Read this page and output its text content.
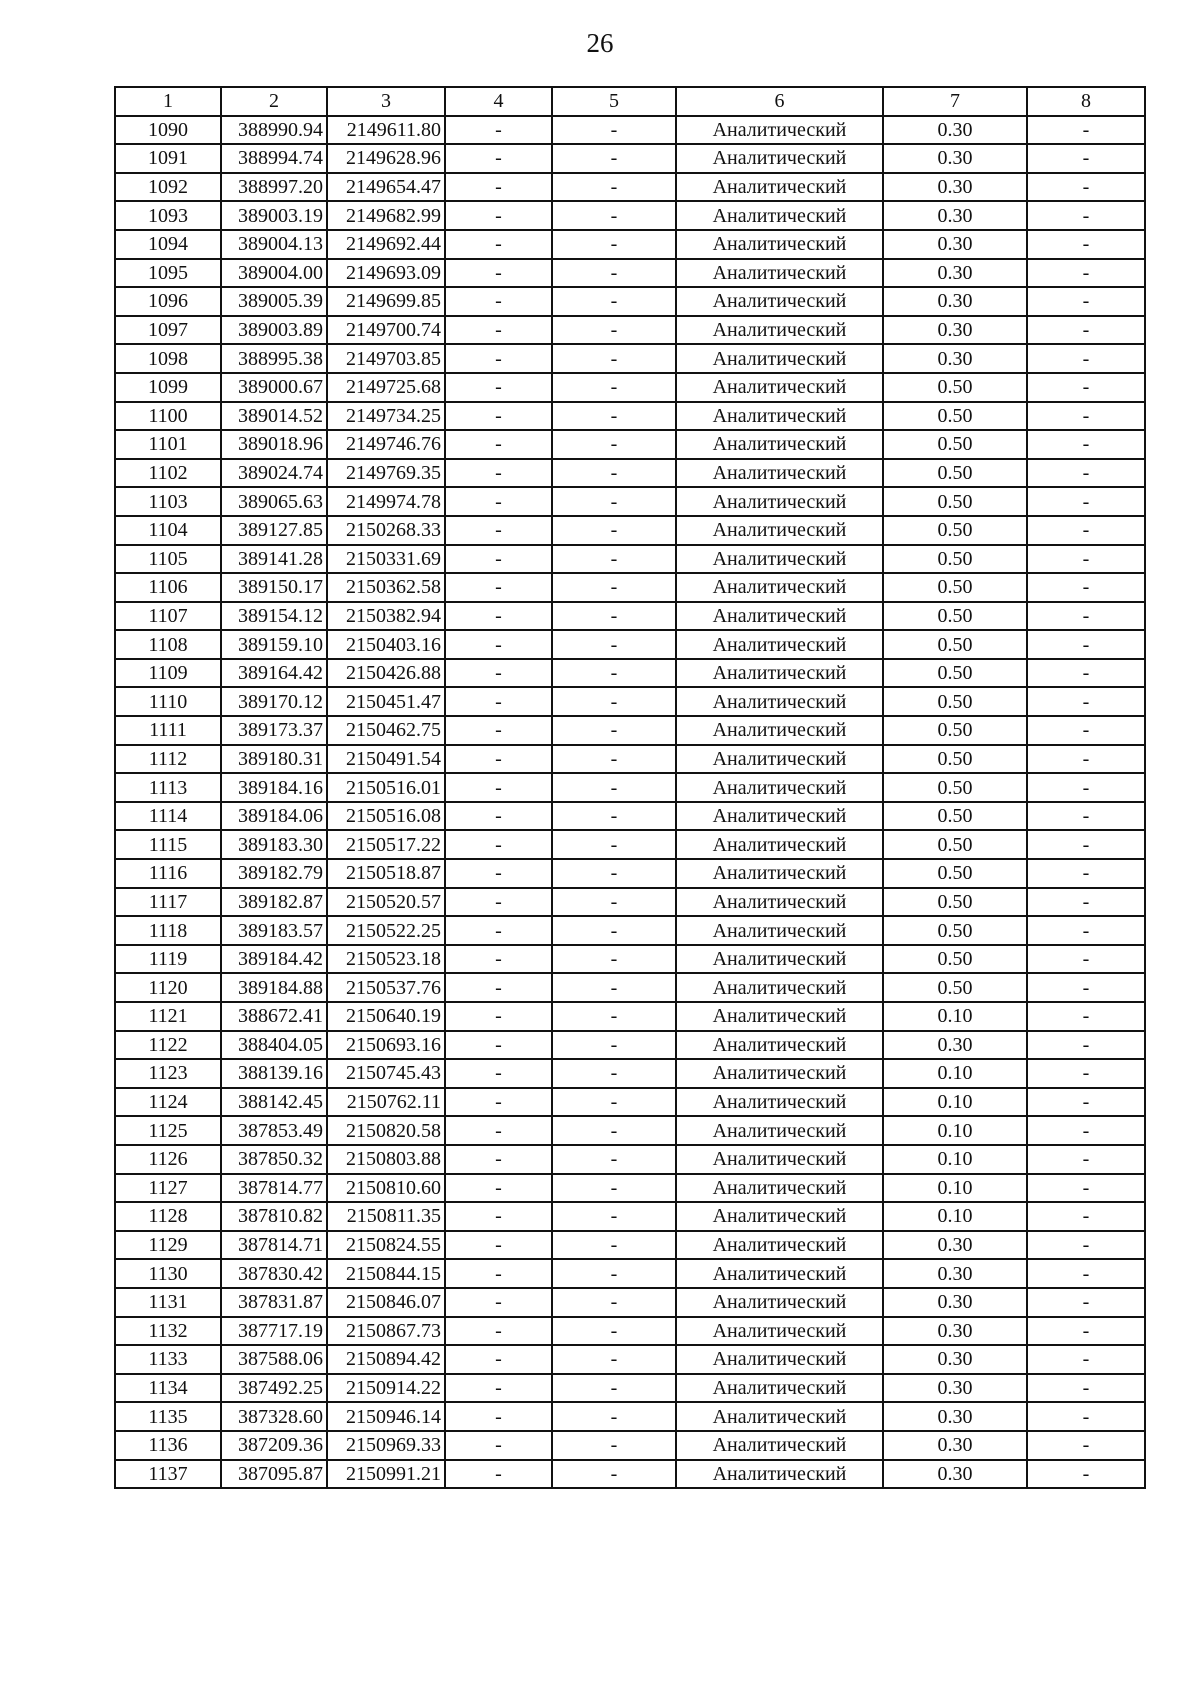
26
1	2	3	4	5	6	7	8
1090	388990.94	2149611.80	-	-	Аналитический	0.30	-
1091	388994.74	2149628.96	-	-	Аналитический	0.30	-
1092	388997.20	2149654.47	-	-	Аналитический	0.30	-
1093	389003.19	2149682.99	-	-	Аналитический	0.30	-
1094	389004.13	2149692.44	-	-	Аналитический	0.30	-
1095	389004.00	2149693.09	-	-	Аналитический	0.30	-
1096	389005.39	2149699.85	-	-	Аналитический	0.30	-
1097	389003.89	2149700.74	-	-	Аналитический	0.30	-
1098	388995.38	2149703.85	-	-	Аналитический	0.30	-
1099	389000.67	2149725.68	-	-	Аналитический	0.50	-
1100	389014.52	2149734.25	-	-	Аналитический	0.50	-
1101	389018.96	2149746.76	-	-	Аналитический	0.50	-
1102	389024.74	2149769.35	-	-	Аналитический	0.50	-
1103	389065.63	2149974.78	-	-	Аналитический	0.50	-
1104	389127.85	2150268.33	-	-	Аналитический	0.50	-
1105	389141.28	2150331.69	-	-	Аналитический	0.50	-
1106	389150.17	2150362.58	-	-	Аналитический	0.50	-
1107	389154.12	2150382.94	-	-	Аналитический	0.50	-
1108	389159.10	2150403.16	-	-	Аналитический	0.50	-
1109	389164.42	2150426.88	-	-	Аналитический	0.50	-
1110	389170.12	2150451.47	-	-	Аналитический	0.50	-
1111	389173.37	2150462.75	-	-	Аналитический	0.50	-
1112	389180.31	2150491.54	-	-	Аналитический	0.50	-
1113	389184.16	2150516.01	-	-	Аналитический	0.50	-
1114	389184.06	2150516.08	-	-	Аналитический	0.50	-
1115	389183.30	2150517.22	-	-	Аналитический	0.50	-
1116	389182.79	2150518.87	-	-	Аналитический	0.50	-
1117	389182.87	2150520.57	-	-	Аналитический	0.50	-
1118	389183.57	2150522.25	-	-	Аналитический	0.50	-
1119	389184.42	2150523.18	-	-	Аналитический	0.50	-
1120	389184.88	2150537.76	-	-	Аналитический	0.50	-
1121	388672.41	2150640.19	-	-	Аналитический	0.10	-
1122	388404.05	2150693.16	-	-	Аналитический	0.30	-
1123	388139.16	2150745.43	-	-	Аналитический	0.10	-
1124	388142.45	2150762.11	-	-	Аналитический	0.10	-
1125	387853.49	2150820.58	-	-	Аналитический	0.10	-
1126	387850.32	2150803.88	-	-	Аналитический	0.10	-
1127	387814.77	2150810.60	-	-	Аналитический	0.10	-
1128	387810.82	2150811.35	-	-	Аналитический	0.10	-
1129	387814.71	2150824.55	-	-	Аналитический	0.30	-
1130	387830.42	2150844.15	-	-	Аналитический	0.30	-
1131	387831.87	2150846.07	-	-	Аналитический	0.30	-
1132	387717.19	2150867.73	-	-	Аналитический	0.30	-
1133	387588.06	2150894.42	-	-	Аналитический	0.30	-
1134	387492.25	2150914.22	-	-	Аналитический	0.30	-
1135	387328.60	2150946.14	-	-	Аналитический	0.30	-
1136	387209.36	2150969.33	-	-	Аналитический	0.30	-
1137	387095.87	2150991.21	-	-	Аналитический	0.30	-
